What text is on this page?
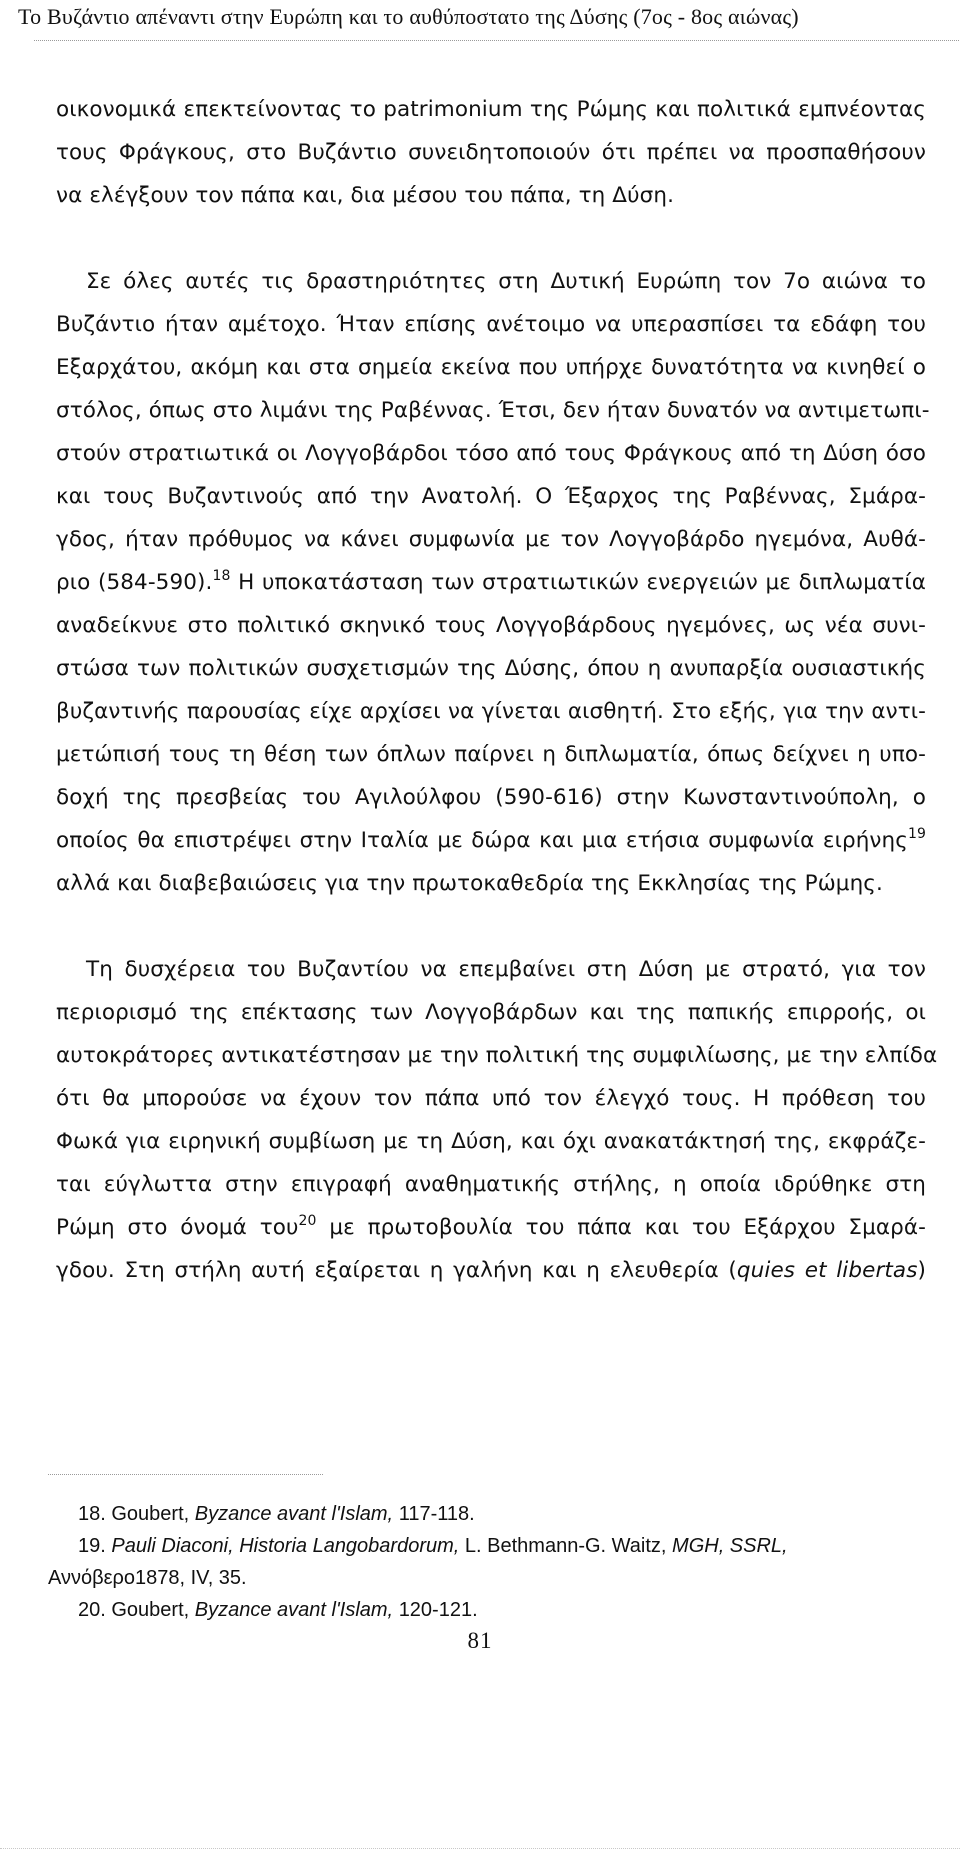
Το Βυζάντιο απέναντι στην Ευρώπη και το αυθύποστατο της Δύσης (7ος - 8ος αιώνας)
οικονομικά επεκτείνοντας το patrimonium της Ρώμης και πολιτικά εμπνέοντας
τους Φράγκους, στο Βυζάντιο συνειδητοποιούν ότι πρέπει να προσπαθήσουν
να ελέγξουν τον πάπα και, δια μέσου του πάπα, τη Δύση.
Σε όλες αυτές τις δραστηριότητες στη Δυτική Ευρώπη τον 7ο αιώνα το
Βυζάντιο ήταν αμέτοχο. Ήταν επίσης ανέτοιμο να υπερασπίσει τα εδάφη του
Εξαρχάτου, ακόμη και στα σημεία εκείνα που υπήρχε δυνατότητα να κινηθεί ο
στόλος, όπως στο λιμάνι της Ραβέννας. Έτσι, δεν ήταν δυνατόν να αντιμετωπι-
στούν στρατιωτικά οι Λογγοβάρδοι τόσο από τους Φράγκους από τη Δύση όσο
και τους Βυζαντινούς από την Ανατολή. Ο Έξαρχος της Ραβέννας, Σμάρα-
γδος, ήταν πρόθυμος να κάνει συμφωνία με τον Λογγοβάρδο ηγεμόνα, Αυθά-
ριο (584-590).$^{18}$ Η υποκατάσταση των στρατιωτικών ενεργειών με διπλωματία
αναδείκνυε στο πολιτικό σκηνικό τους Λογγοβάρδους ηγεμόνες, ως νέα συνι-
στώσα των πολιτικών συσχετισμών της Δύσης, όπου η ανυπαρξία ουσιαστικής
βυζαντινής παρουσίας είχε αρχίσει να γίνεται αισθητή. Στο εξής, για την αντι-
μετώπισή τους τη θέση των όπλων παίρνει η διπλωματία, όπως δείχνει η υπο-
δοχή της πρεσβείας του Αγιλούλφου (590-616) στην Κωνσταντινούπολη, ο
οποίος θα επιστρέψει στην Ιταλία με δώρα και μια ετήσια συμφωνία ειρήνης$^{19}$
αλλά και διαβεβαιώσεις για την πρωτοκαθεδρία της Εκκλησίας της Ρώμης.
Τη δυσχέρεια του Βυζαντίου να επεμβαίνει στη Δύση με στρατό, για τον
περιορισμό της επέκτασης των Λογγοβάρδων και της παπικής επιρροής, οι
αυτοκράτορες αντικατέστησαν με την πολιτική της συμφιλίωσης, με την ελπίδα
ότι θα μπορούσε να έχουν τον πάπα υπό τον έλεγχό τους. Η πρόθεση του
Φωκά για ειρηνική συμβίωση με τη Δύση, και όχι ανακατάκτησή της, εκφράζε-
ται εύγλωττα στην επιγραφή αναθηματικής στήλης, η οποία ιδρύθηκε στη
Ρώμη στο όνομά του$^{20}$ με πρωτοβουλία του πάπα και του Εξάρχου Σμαρά-
γδου. Στη στήλη αυτή εξαίρεται η γαλήνη και η ελευθερία (quies et libertas)
18. Goubert, Byzance avant l'Islam, 117-118.
19. Pauli Diaconi, Historia Langobardorum, L. Bethmann-G. Waitz, MGH, SSRL,
Αννόβερο1878, IV, 35.
20. Goubert, Byzance avant l'Islam, 120-121.
81
